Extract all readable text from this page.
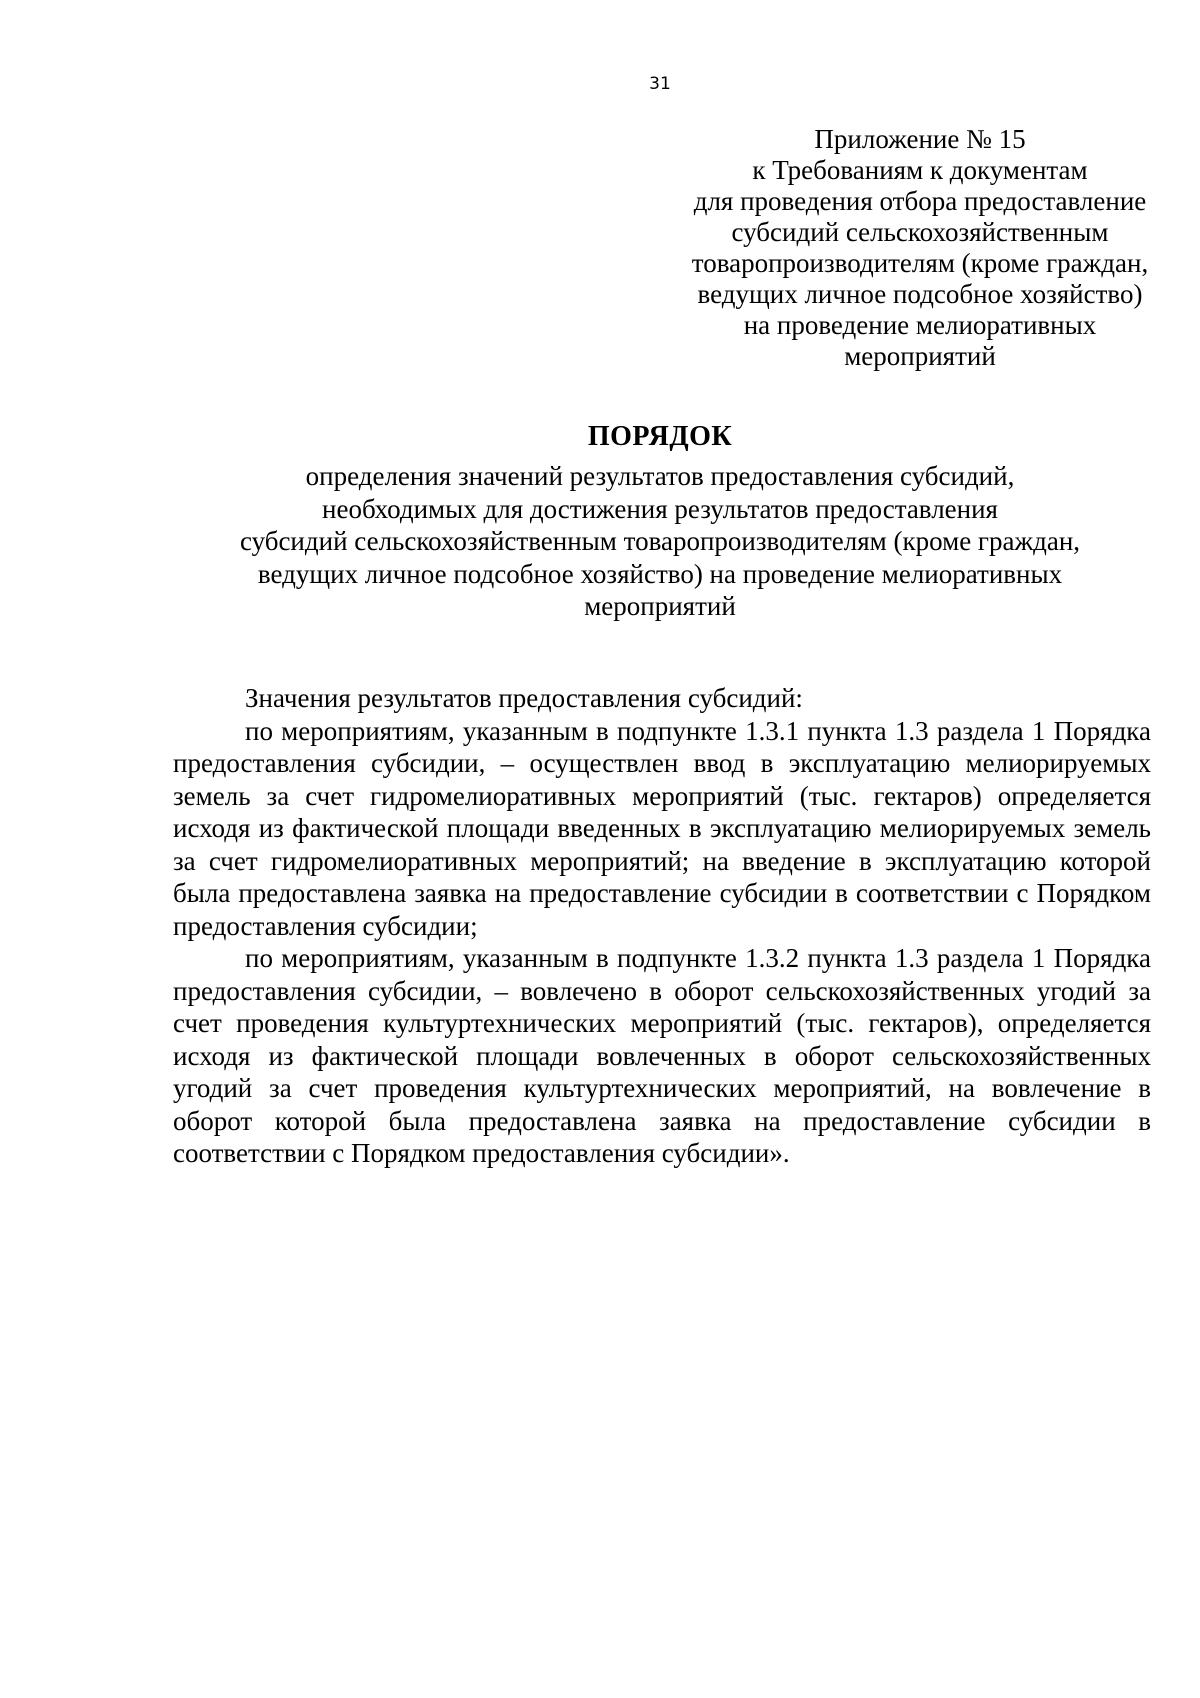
31
Приложение № 15
к Требованиям к документам
для проведения отбора предоставление
субсидий сельскохозяйственным
товаропроизводителям (кроме граждан,
ведущих личное подсобное хозяйство)
на проведение мелиоративных
мероприятий
ПОРЯДОК
определения значений результатов предоставления субсидий,
необходимых для достижения результатов предоставления
субсидий сельскохозяйственным товаропроизводителям (кроме граждан,
ведущих личное подсобное хозяйство) на проведение мелиоративных
мероприятий

Значения результатов предоставления субсидий:

по мероприятиям, указанным в подпункте 1.3.1 пункта 1.3 раздела 1 Порядка предоставления субсидии, – осуществлен ввод в эксплуатацию мелиорируемых земель за счет гидромелиоративных мероприятий (тыс. гектаров) определяется исходя из фактической площади введенных в эксплуатацию мелиорируемых земель за счет гидромелиоративных мероприятий; на введение в эксплуатацию которой была предоставлена заявка на предоставление субсидии в соответствии с Порядком предоставления субсидии;

по мероприятиям, указанным в подпункте 1.3.2 пункта 1.3 раздела 1 Порядка предоставления субсидии, – вовлечено в оборот сельскохозяйственных угодий за счет проведения культуртехнических мероприятий (тыс. гектаров), определяется исходя из фактической площади вовлеченных в оборот сельскохозяйственных угодий за счет проведения культуртехнических мероприятий, на вовлечение в оборот которой была предоставлена заявка на предоставление субсидии в соответствии с Порядком предоставления субсидии».
